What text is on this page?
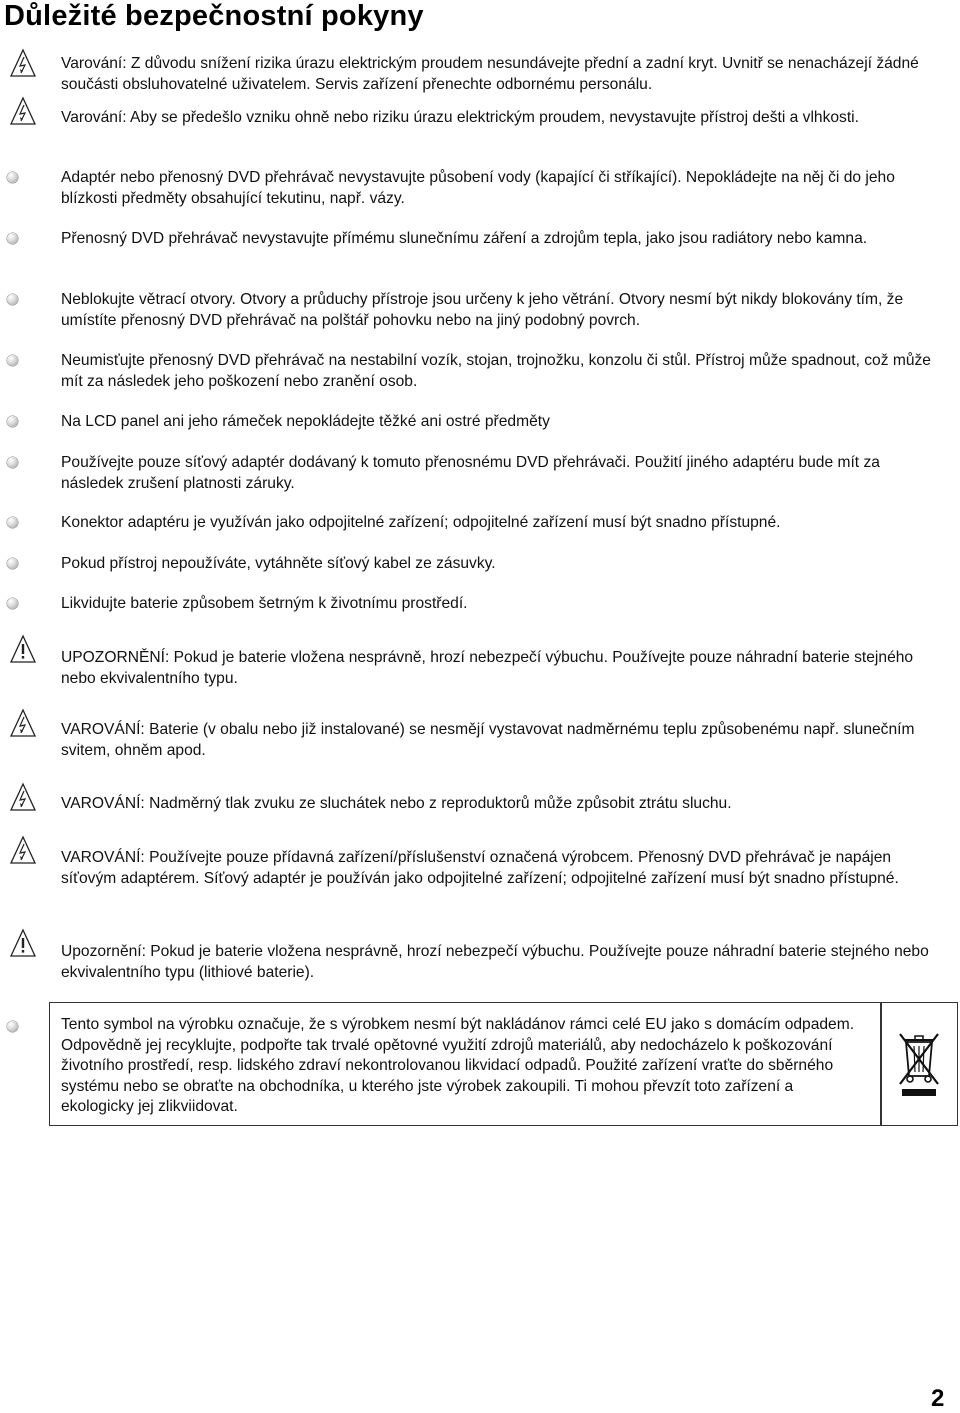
Důležité bezpečnostní pokyny
Varování: Z důvodu snížení rizika úrazu elektrickým proudem nesundávejte přední a zadní kryt. Uvnitř se nenacházejí žádné součásti obsluhovatelné uživatelem. Servis zařízení přenechte odbornému personálu.
Varování: Aby se předešlo vzniku ohně nebo riziku úrazu elektrickým proudem, nevystavujte přístroj dešti a vlhkosti.
Adaptér nebo přenosný DVD přehrávač nevystavujte působení vody (kapající či stříkající). Nepokládejte na něj či do jeho blízkosti předměty obsahující tekutinu, např. vázy.
Přenosný DVD přehrávač nevystavujte přímému slunečnímu záření a zdrojům tepla, jako jsou radiátory nebo kamna.
Neblokujte větrací otvory. Otvory a průduchy přístroje jsou určeny k jeho větrání. Otvory nesmí být nikdy blokovány tím, že umístíte přenosný DVD přehrávač na polštář pohovku nebo na jiný podobný povrch.
Neumisťujte přenosný DVD přehrávač na nestabilní vozík, stojan, trojnožku, konzolu či stůl. Přístroj může spadnout, což může mít za následek jeho poškození nebo zranění osob.
Na LCD panel ani jeho rámeček nepokládejte těžké ani ostré předměty
Používejte pouze síťový adaptér dodávaný k tomuto přenosnému DVD přehrávači. Použití jiného adaptéru bude mít za následek zrušení platnosti záruky.
Konektor adaptéru je využíván jako odpojitelné zařízení; odpojitelné zařízení musí být snadno přístupné.
Pokud přístroj nepoužíváte, vytáhněte síťový kabel ze zásuvky.
Likvidujte baterie způsobem šetrným k životnímu prostředí.
UPOZORNĚNÍ: Pokud je baterie vložena nesprávně, hrozí nebezpečí výbuchu. Používejte pouze náhradní baterie stejného nebo ekvivalentního typu.
VAROVÁNÍ: Baterie (v obalu nebo již instalované) se nesmějí vystavovat nadměrnému teplu způsobenému např. slunečním svitem, ohněm apod.
VAROVÁNÍ: Nadměrný tlak zvuku ze sluchátek nebo z reproduktorů může způsobit ztrátu sluchu.
VAROVÁNÍ: Používejte pouze přídavná zařízení/příslušenství označená výrobcem. Přenosný DVD přehrávač je napájen síťovým adaptérem. Síťový adaptér je používán jako odpojitelné zařízení; odpojitelné zařízení musí být snadno přístupné.
Upozornění: Pokud je baterie vložena nesprávně, hrozí nebezpečí výbuchu. Používejte pouze náhradní baterie stejného nebo ekvivalentního typu (lithiové baterie).
Tento symbol na výrobku označuje, že s výrobkem nesmí být nakládánov rámci celé EU jako s domácím odpadem. Odpovědně jej recyklujte, podpořte tak trvalé opětovné využití zdrojů materiálů, aby nedocházelo k poškozování životního prostředí, resp. lidského zdraví nekontrolovanou likvidací odpadů. Použité zařízení vraťte do sběrného systému nebo se obraťte na obchodníka, u kterého jste výrobek zakoupili. Ti mohou převzít toto zařízení a ekologicky jej zlikviidovat.
2
